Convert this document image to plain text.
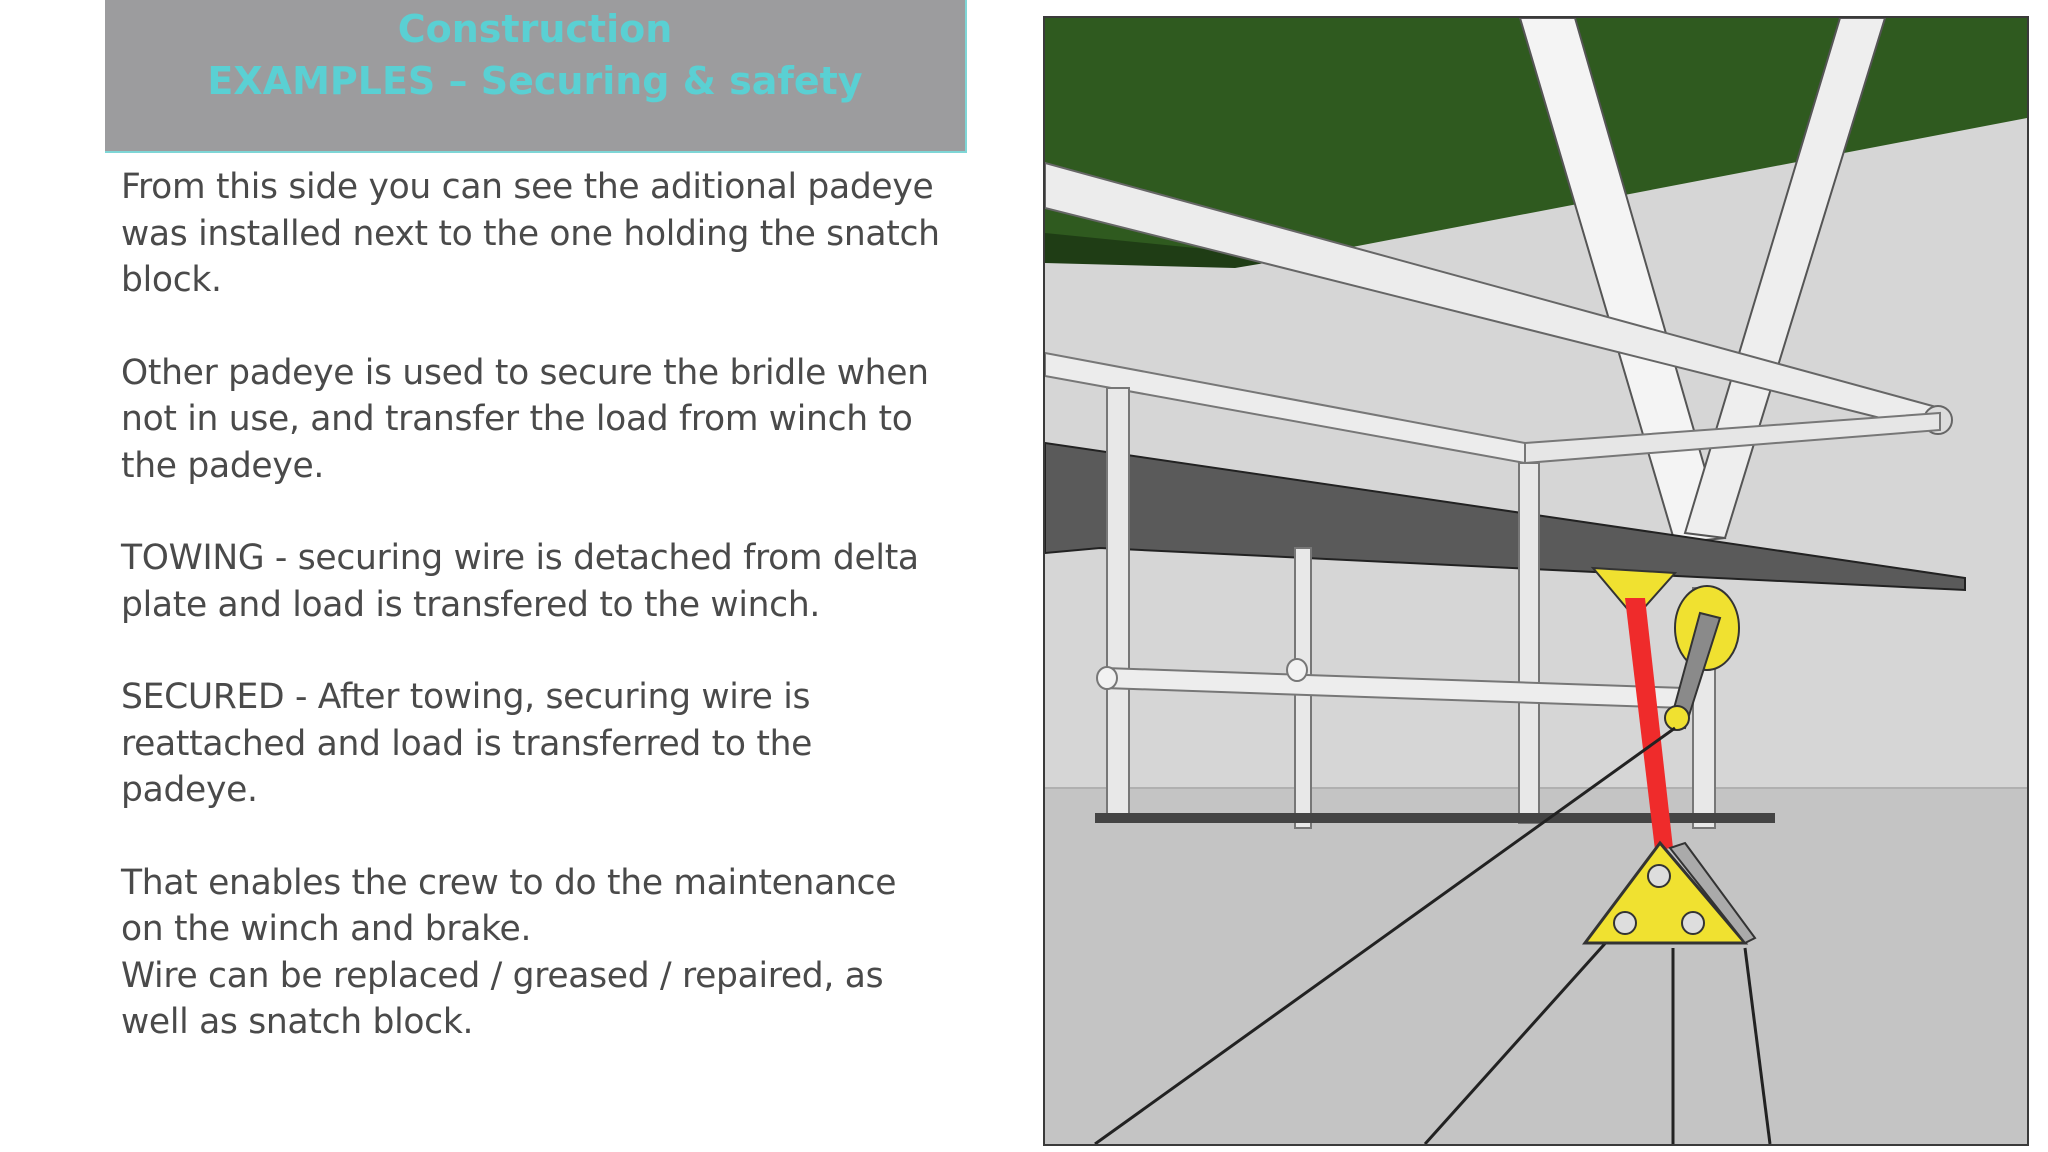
Construction
EXAMPLES – Securing & safety

From this side you can see the aditional padeye
was installed next to the one holding the snatch
block.

Other padeye is used to secure the bridle when
not in use, and transfer the load from winch to
the padeye.

TOWING - securing wire is detached from delta
plate and load is transfered to the winch.

SECURED - After towing, securing wire is
reattached and load is transferred to the
padeye.

That enables the crew to do the maintenance
on the winch and brake.
Wire can be replaced / greased / repaired, as
well as snatch block.
